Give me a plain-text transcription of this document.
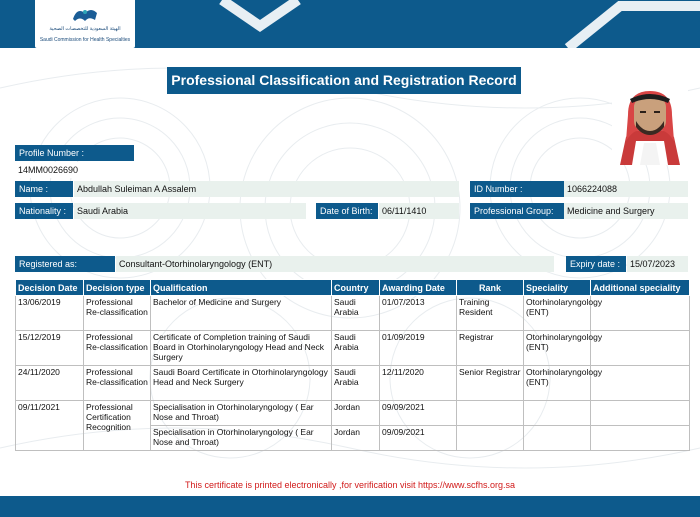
الهيئة السعودية للتخصصات الصحية
Saudi Commission for Health Specialties
Professional Classification and Registration Record
Profile Number :
14MM0026690
Name :	Abdullah Suleiman A Assalem	ID Number :	1066224088
Nationality :	Saudi Arabia	Date of Birth:	06/11/1410	Professional Group:	Medicine and Surgery
Registered as:	Consultant-Otorhinolaryngology (ENT)	Expiry date :	15/07/2023
Decision Date	Decision type	Qualification	Country	Awarding Date	Rank	Speciality	Additional speciality
13/06/2019	Professional Re-classification	Bachelor of Medicine and Surgery	Saudi Arabia	01/07/2013	Training Resident	Otorhinolaryngology (ENT)	
15/12/2019	Professional Re-classification	Certificate of Completion training of Saudi Board in Otorhinolaryngology Head and Neck Surgery	Saudi Arabia	01/09/2019	Registrar	Otorhinolaryngology (ENT)	
24/11/2020	Professional Re-classification	Saudi Board Certificate in Otorhinolaryngology Head and Neck Surgery	Saudi Arabia	12/11/2020	Senior Registrar	Otorhinolaryngology (ENT)	
09/11/2021	Professional Certification Recognition	Specialisation in Otorhinolaryngology ( Ear Nose and Throat)	Jordan	09/09/2021			
		Specialisation in Otorhinolaryngology ( Ear Nose and Throat)	Jordan	09/09/2021			
This certificate is printed electronically ,for verification visit https://www.scfhs.org.sa
